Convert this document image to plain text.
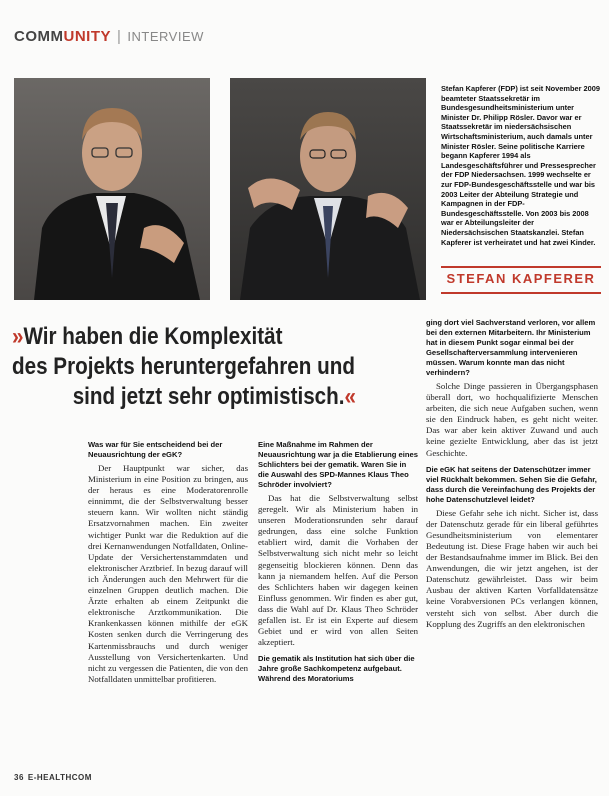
COMMUNITY | INTERVIEW
Stefan Kapferer (FDP) ist seit November 2009 beamteter Staatssekretär im Bundesgesundheitsministerium unter Minister Dr. Philipp Rösler. Davor war er Staatssekretär im niedersächsischen Wirtschaftsministerium, auch damals unter Minister Rösler. Seine politische Karriere begann Kapferer 1994 als Landesgeschäftsführer und Pressesprecher der FDP Niedersachsen. 1999 wechselte er zur FDP-Bundesgeschäftsstelle und war bis 2003 Leiter der Abteilung Strategie und Kampagnen in der FDP-Bundesgeschäftsstelle. Von 2003 bis 2008 war er Abteilungsleiter der Niedersächsischen Staatskanzlei. Stefan Kapferer ist verheiratet und hat zwei Kinder.
STEFAN KAPFERER
»Wir haben die Komplexität
des Projekts heruntergefahren und
sind jetzt sehr optimistisch.«

Was war für Sie entscheidend bei der Neuausrichtung der eGK?

Der Hauptpunkt war sicher, das Ministerium in eine Position zu bringen, aus der heraus es eine Moderatorenrolle einnimmt, die der Selbstverwaltung besser steuern kann. Wir wollten nicht ständig Ersatzvornahmen machen. Ein zweiter wichtiger Punkt war die Reduktion auf die drei Kernanwendungen Notfalldaten, Online-Update der Versichertenstammdaten und elektronischer Arztbrief. In bezug darauf will ich Änderungen auch den Mehrwert für die einzelnen Gruppen deutlich machen. Die Ärzte erhalten ab einem Zeitpunkt die elektronische Arztkommunikation. Die Krankenkassen können mithilfe der eGK Kosten senken durch die Verringerung des Kartenmissbrauchs und durch weniger Ausstellung von Versichertenkarten. Und nicht zu vergessen die Patienten, die von den Notfalldaten unmittelbar profitieren.

Eine Maßnahme im Rahmen der Neuausrichtung war ja die Etablierung eines Schlichters bei der gematik. Waren Sie in die Auswahl des SPD-Mannes Klaus Theo Schröder involviert?

Das hat die Selbstverwaltung selbst geregelt. Wir als Ministerium haben in unseren Moderationsrunden sehr darauf gedrungen, dass eine solche Funktion etabliert wird, damit die Vorhaben der Selbstverwaltung sich nicht mehr so leicht gegenseitig blockieren können. Denn das kann ja niemandem helfen. Auf die Person des Schlichters haben wir dagegen keinen Einfluss genommen. Wir finden es aber gut, dass die Wahl auf Dr. Klaus Theo Schröder gefallen ist. Er ist ein Experte auf diesem Gebiet und er wird von allen Seiten akzeptiert.

Die gematik als Institution hat sich über die Jahre große Sachkompetenz aufgebaut. Während des Moratoriums

ging dort viel Sachverstand verloren, vor allem bei den externen Mitarbeitern. Ihr Ministerium hat in diesem Punkt sogar einmal bei der Gesellschafterversammlung intervenieren müssen. Warum konnte man das nicht verhindern?

Solche Dinge passieren in Übergangsphasen überall dort, wo hochqualifizierte Menschen arbeiten, die sich neue Aufgaben suchen, wenn sie den Eindruck haben, es geht nicht weiter. Das war aber kein aktiver Zuwand und auch keine gezielte Entwicklung, aber das ist jetzt Geschichte.

Die eGK hat seitens der Datenschützer immer viel Rückhalt bekommen. Sehen Sie die Gefahr, dass durch die Vereinfachung des Projekts der hohe Datenschutzlevel leidet?

Diese Gefahr sehe ich nicht. Sicher ist, dass der Datenschutz gerade für ein liberal geführtes Gesundheitsministerium von elementarer Bedeutung ist. Diese Frage haben wir auch bei der Bestandsaufnahme immer im Blick. Bei den Anwendungen, die wir jetzt angehen, ist der Datenschutz gewährleistet. Dass wir beim Ausbau der aktiven Karten Vorfalldatensätze keine Vorabversionen PCs verlangen können, versteht sich von selbst. Aber durch die Kopplung des Zugriffs an den elektronischen

36 E-HEALTHCOM
